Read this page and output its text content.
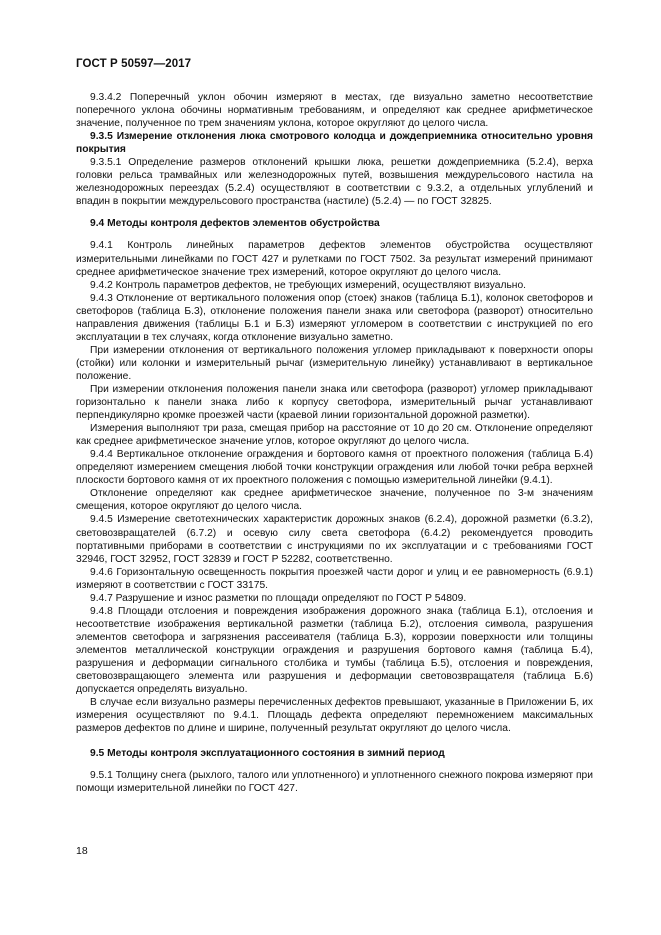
ГОСТ Р 50597—2017

9.3.4.2 Поперечный уклон обочин измеряют в местах, где визуально заметно несоответствие поперечного уклона обочины нормативным требованиям, и определяют как среднее арифметическое значение, полученное по трем значениям уклона, которое округляют до целого числа.

9.3.5 Измерение отклонения люка смотрового колодца и дождеприемника относительно уровня покрытия

9.3.5.1 Определение размеров отклонений крышки люка, решетки дождеприемника (5.2.4), верха головки рельса трамвайных или железнодорожных путей, возвышения междурельсового настила на железнодорожных переездах (5.2.4) осуществляют в соответствии с 9.3.2, а отдельных углублений и впадин в покрытии междурельсового пространства (настиле) (5.2.4) — по ГОСТ 32825.

9.4 Методы контроля дефектов элементов обустройства

9.4.1 Контроль линейных параметров дефектов элементов обустройства осуществляют измерительными линейками по ГОСТ 427 и рулетками по ГОСТ 7502. За результат измерений принимают среднее арифметическое значение трех измерений, которое округляют до целого числа.

9.4.2 Контроль параметров дефектов, не требующих измерений, осуществляют визуально.

9.4.3 Отклонение от вертикального положения опор (стоек) знаков (таблица Б.1), колонок светофоров и светофоров (таблица Б.3), отклонение положения панели знака или светофора (разворот) относительно направления движения (таблицы Б.1 и Б.3) измеряют угломером в соответствии с инструкцией по его эксплуатации в тех случаях, когда отклонение визуально заметно.

При измерении отклонения от вертикального положения угломер прикладывают к поверхности опоры (стойки) или колонки и измерительный рычаг (измерительную линейку) устанавливают в вертикальное положение.

При измерении отклонения положения панели знака или светофора (разворот) угломер прикладывают горизонтально к панели знака либо к корпусу светофора, измерительный рычаг устанавливают перпендикулярно кромке проезжей части (краевой линии горизонтальной дорожной разметки).

Измерения выполняют три раза, смещая прибор на расстояние от 10 до 20 см. Отклонение определяют как среднее арифметическое значение углов, которое округляют до целого числа.

9.4.4 Вертикальное отклонение ограждения и бортового камня от проектного положения (таблица Б.4) определяют измерением смещения любой точки конструкции ограждения или любой точки ребра верхней плоскости бортового камня от их проектного положения с помощью измерительной линейки (9.4.1).

Отклонение определяют как среднее арифметическое значение, полученное по 3-м значениям смещения, которое округляют до целого числа.

9.4.5 Измерение светотехнических характеристик дорожных знаков (6.2.4), дорожной разметки (6.3.2), световозвращателей (6.7.2) и осевую силу света светофора (6.4.2) рекомендуется проводить портативными приборами в соответствии с инструкциями по их эксплуатации и с требованиями ГОСТ 32946, ГОСТ 32952, ГОСТ 32839 и ГОСТ Р 52282, соответственно.

9.4.6 Горизонтальную освещенность покрытия проезжей части дорог и улиц и ее равномерность (6.9.1) измеряют в соответствии с ГОСТ 33175.

9.4.7 Разрушение и износ разметки по площади определяют по ГОСТ Р 54809.

9.4.8 Площади отслоения и повреждения изображения дорожного знака (таблица Б.1), отслоения и несоответствие изображения вертикальной разметки (таблица Б.2), отслоения символа, разрушения элементов светофора и загрязнения рассеивателя (таблица Б.3), коррозии поверхности или толщины элементов металлической конструкции ограждения и разрушения бортового камня (таблица Б.4), разрушения и деформации сигнального столбика и тумбы (таблица Б.5), отслоения и повреждения, световозвращающего элемента или разрушения и деформации световозвращателя (таблица Б.6) допускается определять визуально.

В случае если визуально размеры перечисленных дефектов превышают, указанные в Приложении Б, их измерения осуществляют по 9.4.1. Площадь дефекта определяют перемножением максимальных размеров дефектов по длине и ширине, полученный результат округляют до целого числа.

9.5 Методы контроля эксплуатационного состояния в зимний период

9.5.1 Толщину снега (рыхлого, талого или уплотненного) и уплотненного снежного покрова измеряют при помощи измерительной линейки по ГОСТ 427.

18
